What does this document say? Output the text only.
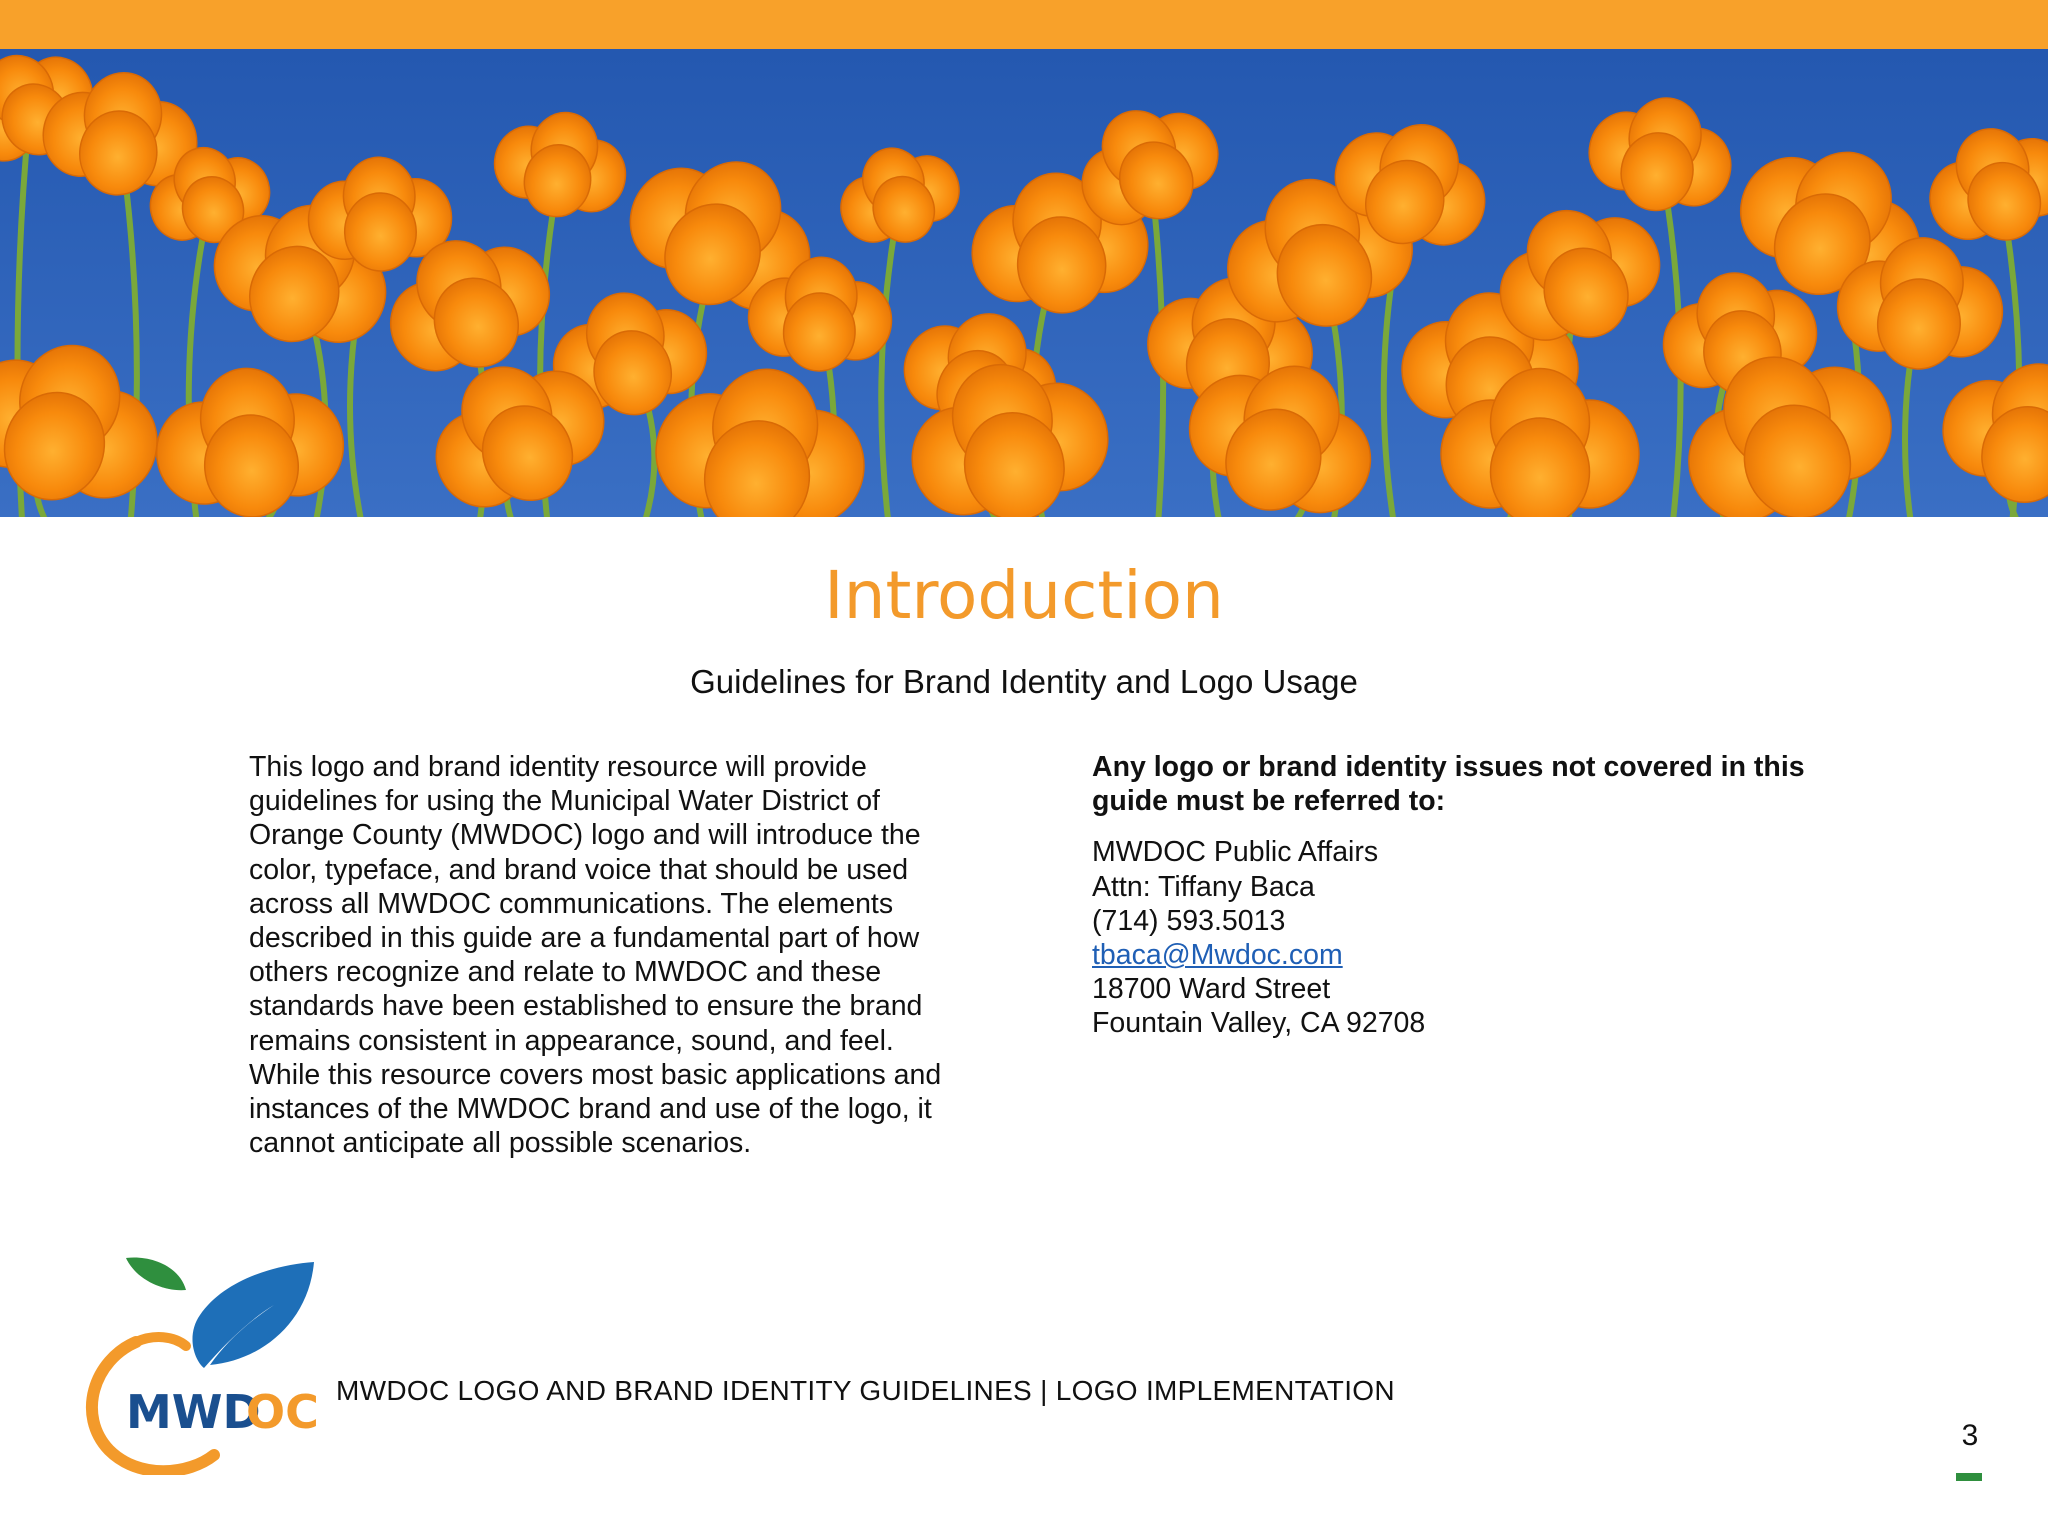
Introduction
Guidelines for Brand Identity and Logo Usage
This logo and brand identity resource will provide guidelines for using the Municipal Water District of Orange County (MWDOC) logo and will introduce the color, typeface, and brand voice that should be used across all MWDOC communications. The elements described in this guide are a fundamental part of how others recognize and relate to MWDOC and these standards have been established to ensure the brand remains consistent in appearance, sound, and feel. While this resource covers most basic applications and instances of the MWDOC brand and use of the logo, it cannot anticipate all possible scenarios.
Any logo or brand identity issues not covered in this guide must be referred to:
MWDOC Public Affairs
Attn: Tiffany Baca
(714) 593.5013
tbaca@Mwdoc.com
18700 Ward Street
Fountain Valley, CA 92708
MWD
OC MWDOC LOGO AND BRAND IDENTITY GUIDELINES | LOGO IMPLEMENTATION
3
